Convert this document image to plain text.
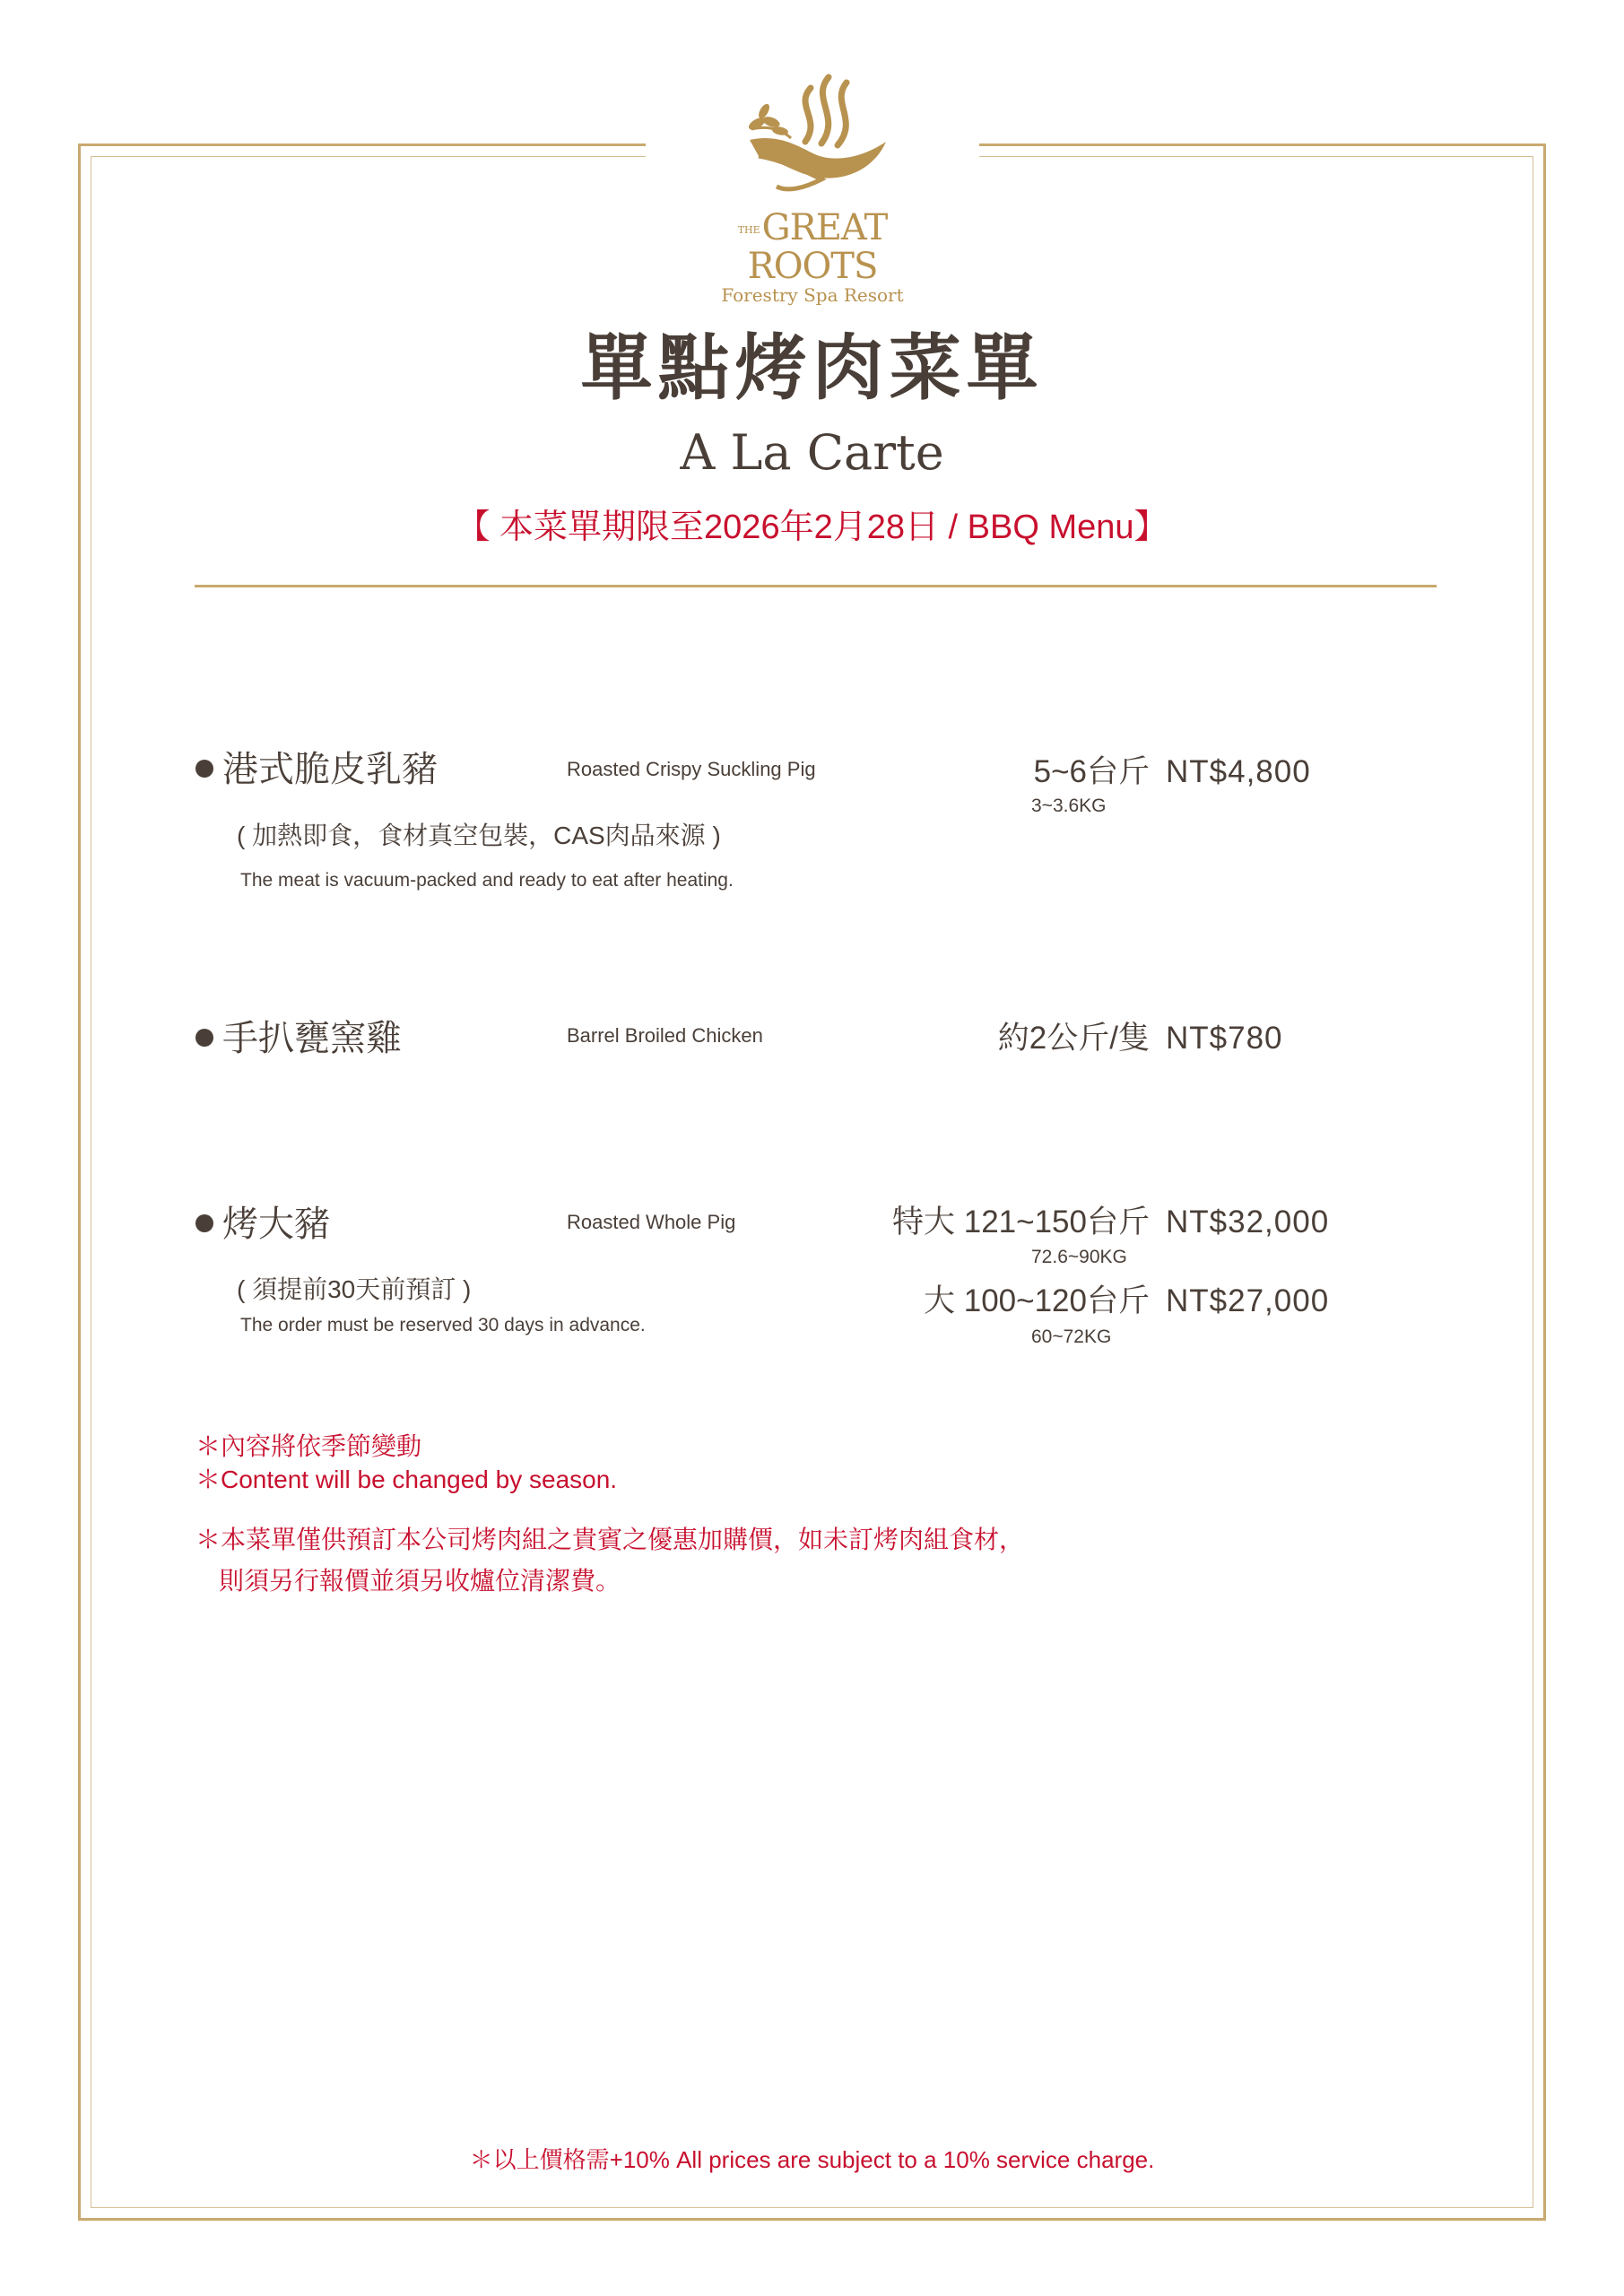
THEGREAT ROOTS
Forestry Spa Resort
單點烤肉菜單
A La Carte
【 本菜單期限至2026年2月28日 / BBQ Menu】
港式脆皮乳豬	Roasted Crispy Suckling Pig
( 加熱即食，食材真空包裝，CAS肉品來源 )
The meat is vacuum-packed and ready to eat after heating.
5~6台斤 NT$4,800
3~3.6KG
手扒甕窯雞	Barrel Broiled Chicken	約2公斤/隻 NT$780
烤大豬	Roasted Whole Pig
( 須提前30天前預訂 )
The order must be reserved 30 days in advance.
特大 121~150台斤 NT$32,000
72.6~90KG
大 100~120台斤 NT$27,000
60~72KG
＊內容將依季節變動
＊Content will be changed by season.
＊本菜單僅供預訂本公司烤肉組之貴賓之優惠加購價，如未訂烤肉組食材，
則須另行報價並須另收爐位清潔費。
＊以上價格需+10% All prices are subject to a 10% service charge.
